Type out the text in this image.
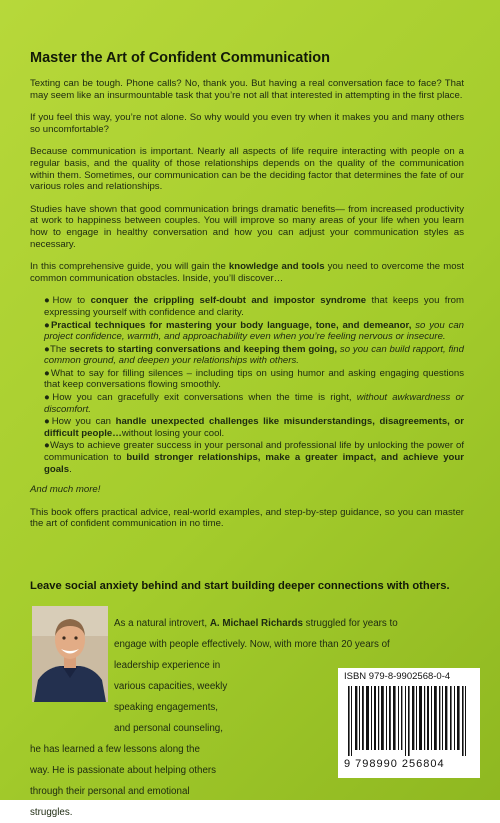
Master the Art of Confident Communication

Texting can be tough. Phone calls? No, thank you. But having a real conversation face to face? That may seem like an insurmountable task that you’re not all that interested in attempting in the first place.

If you feel this way, you’re not alone. So why would you even try when it makes you and many others so uncomfortable?

Because communication is important. Nearly all aspects of life require interacting with people on a regular basis, and the quality of those relationships depends on the quality of the communication within them. Sometimes, our communication can be the deciding factor that determines the fate of our various roles and relationships.

Studies have shown that good communication brings dramatic benefits— from increased productivity at work to happiness between couples. You will improve so many areas of your life when you learn how to engage in healthy conversation and how you can adjust your communication styles as necessary.

In this comprehensive guide, you will gain the knowledge and tools you need to overcome the most common communication obstacles. Inside, you’ll discover…

●How to conquer the crippling self-doubt and impostor syndrome that keeps you from expressing yourself with confidence and clarity.
●Practical techniques for mastering your body language, tone, and demeanor, so you can project confidence, warmth, and approachability even when you’re feeling nervous or insecure.
●The secrets to starting conversations and keeping them going, so you can build rapport, find common ground, and deepen your relationships with others.
●What to say for filling silences – including tips on using humor and asking engaging questions that keep conversations flowing smoothly.
●How you can gracefully exit conversations when the time is right, without awkwardness or discomfort.
●How you can handle unexpected challenges like misunderstandings, disagreements, or difficult people…without losing your cool.
●Ways to achieve greater success in your personal and professional life by unlocking the power of communication to build stronger relationships, make a greater impact, and achieve your goals.

And much more!

This book offers practical advice, real-world examples, and step-by-step guidance, so you can master the art of confident communication in no time.

Leave social anxiety behind and start building deeper connections with others.
As a natural introvert, A. Michael Richards struggled for years to
engage with people effectively. Now, with more than 20 years of
leadership experience in
various capacities, weekly
speaking engagements,
and personal counseling,
he has learned a few lessons along the
way. He is passionate about helping others
through their personal and emotional
struggles.
ISBN 979-8-9902568-0-4
9 798990 256804
